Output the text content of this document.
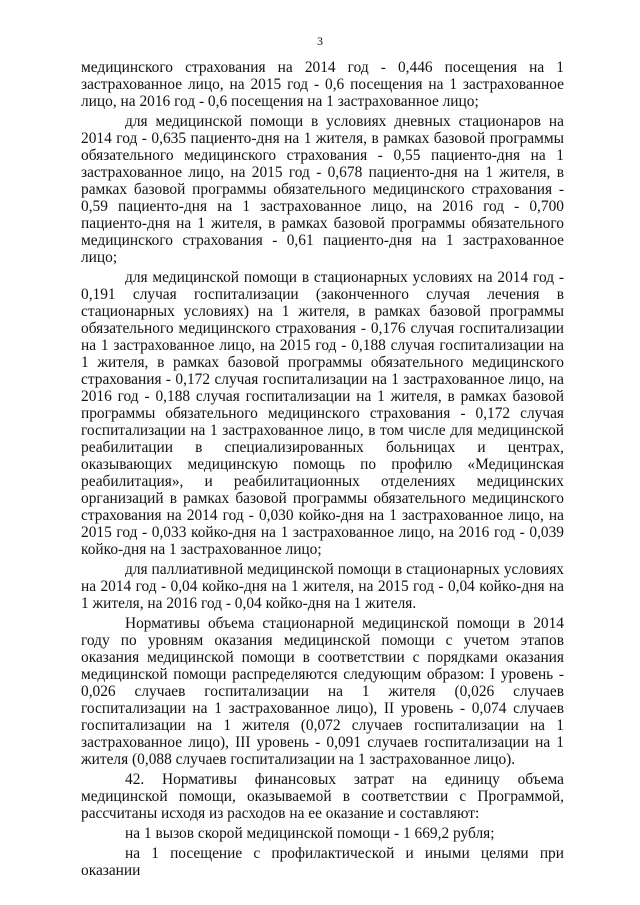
3

медицинского страхования на 2014 год - 0,446 посещения на 1 застрахованное лицо, на 2015 год - 0,6 посещения на 1 застрахованное лицо, на 2016 год - 0,6 посещения на 1 застрахованное лицо;

для медицинской помощи в условиях дневных стационаров на 2014 год - 0,635 пациенто-дня на 1 жителя, в рамках базовой программы обязательного медицинского страхования - 0,55 пациенто-дня на 1 застрахованное лицо, на 2015 год - 0,678 пациенто-дня на 1 жителя, в рамках базовой программы обязательного медицинского страхования - 0,59 пациенто-дня на 1 застрахованное лицо, на 2016 год - 0,700 пациенто-дня на 1 жителя, в рамках базовой программы обязательного медицинского страхования - 0,61 пациенто-дня на 1 застрахованное лицо;

для медицинской помощи в стационарных условиях на 2014 год - 0,191 случая госпитализации (законченного случая лечения в стационарных условиях) на 1 жителя, в рамках базовой программы обязательного медицинского страхования - 0,176 случая госпитализации на 1 застрахованное лицо, на 2015 год - 0,188 случая госпитализации на 1 жителя, в рамках базовой программы обязательного медицинского страхования - 0,172 случая госпитализации на 1 застрахованное лицо, на 2016 год - 0,188 случая госпитализации на 1 жителя, в рамках базовой программы обязательного медицинского страхования - 0,172 случая госпитализации на 1 застрахованное лицо, в том числе для медицинской реабилитации в специализированных больницах и центрах, оказывающих медицинскую помощь по профилю «Медицинская реабилитация», и реабилитационных отделениях медицинских организаций в рамках базовой программы обязательного медицинского страхования на 2014 год - 0,030 койко-дня на 1 застрахованное лицо, на 2015 год - 0,033 койко-дня на 1 застрахованное лицо, на 2016 год - 0,039 койко-дня на 1 застрахованное лицо;

для паллиативной медицинской помощи в стационарных условиях на 2014 год - 0,04 койко-дня на 1 жителя, на 2015 год - 0,04 койко-дня на 1 жителя, на 2016 год - 0,04 койко-дня на 1 жителя.

Нормативы объема стационарной медицинской помощи в 2014 году по уровням оказания медицинской помощи с учетом этапов оказания медицинской помощи в соответствии с порядками оказания медицинской помощи распределяются следующим образом: I уровень - 0,026 случаев госпитализации на 1 жителя (0,026 случаев госпитализации на 1 застрахованное лицо), II уровень - 0,074 случаев госпитализации на 1 жителя (0,072 случаев госпитализации на 1 застрахованное лицо), III уровень - 0,091 случаев госпитализации на 1 жителя (0,088 случаев госпитализации на 1 застрахованное лицо).

42. Нормативы финансовых затрат на единицу объема медицинской помощи, оказываемой в соответствии с Программой, рассчитаны исходя из расходов на ее оказание и составляют:

на 1 вызов скорой медицинской помощи - 1 669,2 рубля;

на 1 посещение с профилактической и иными целями при оказании
